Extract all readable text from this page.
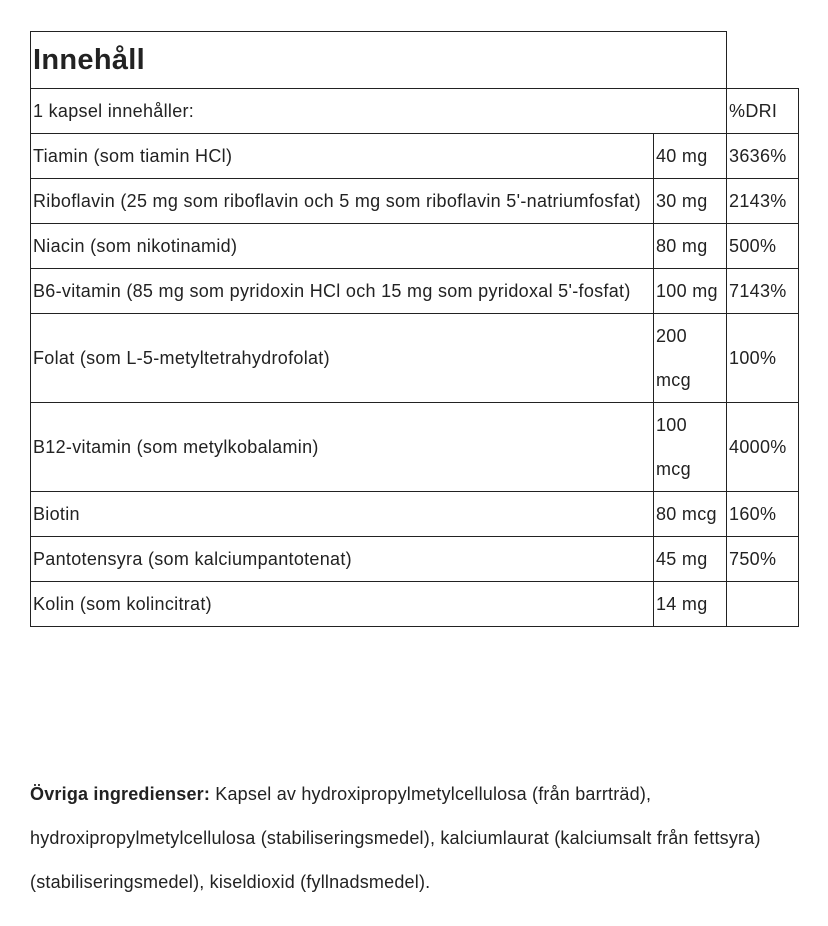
Innehåll		
1 kapsel innehåller:		%DRI
Tiamin (som tiamin HCl)	40 mg	3636%
Riboflavin (25 mg som riboflavin och 5 mg som riboflavin 5'-natriumfosfat)	30 mg	2143%
Niacin (som nikotinamid)	80 mg	500%
B6-vitamin (85 mg som pyridoxin HCl och 15 mg som pyridoxal 5'-fosfat)	100 mg	7143%
Folat (som L-5-metyltetrahydrofolat)	200 mcg	100%
B12-vitamin (som metylkobalamin)	100 mcg	4000%
Biotin	80 mcg	160%
Pantotensyra (som kalciumpantotenat)	45 mg	750%
Kolin (som kolincitrat)	14 mg	

Övriga ingredienser: Kapsel av hydroxipropylmetylcellulosa (från barrträd), hydroxipropylmetylcellulosa (stabiliseringsmedel), kalciumlaurat (kalciumsalt från fettsyra) (stabiliseringsmedel), kiseldioxid (fyllnadsmedel).
